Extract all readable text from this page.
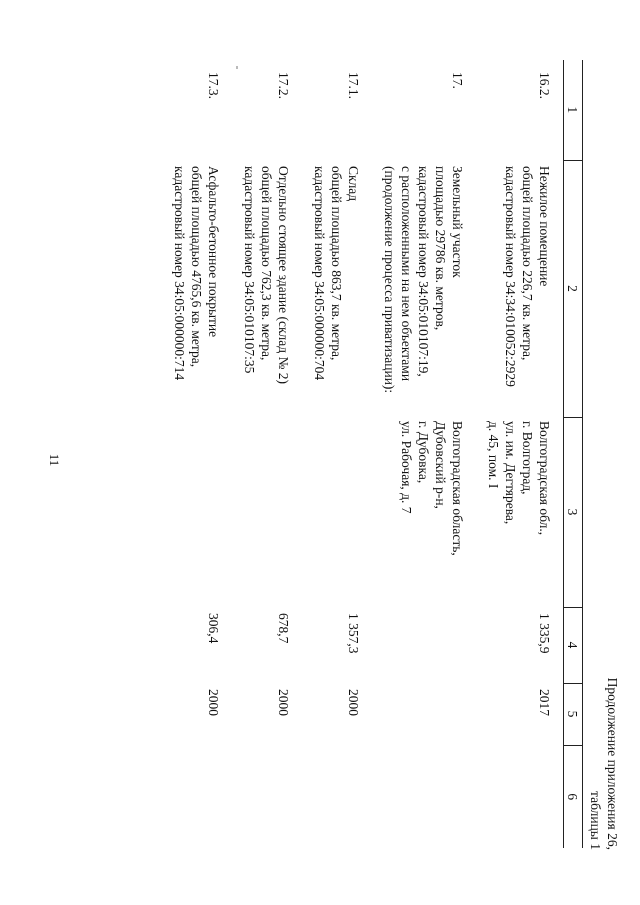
11
Продолжение приложения 26,
таблицы 1
1	2	3	4	5	6
16.2.	Нежилое помещение
общей площадью 226,7 кв. метра,
кадастровый номер 34:34:010052:2929	Волгоградская обл.,
г. Волгоград,
ул. им. Дегтярева,
д. 45, пом. I	1 335,9	2017	
17.	Земельный участок
площадью 29786 кв. метров,
кадастровый номер 34:05:010107:19,
с расположенными на нем объектами
(продолжение процесса приватизации):	Волгоградская область,
Дубовский р-н,
г. Дубовка,
ул. Рабочая, д. 7			

17.1.	Склад
общей площадью 863,7 кв. метра,
кадастровый номер 34:05:000000:704		1 357,3	2000	
17.2.	Отдельно стоящее здание (склад № 2)
общей площадью 762,3 кв. метра,
кадастровый номер 34:05:010107:35		678,7	2000	
17.3.	Асфальто-бетонное покрытие
общей площадью 4765,6 кв. метра,
кадастровый номер 34:05:000000:714		306,4	2000	
